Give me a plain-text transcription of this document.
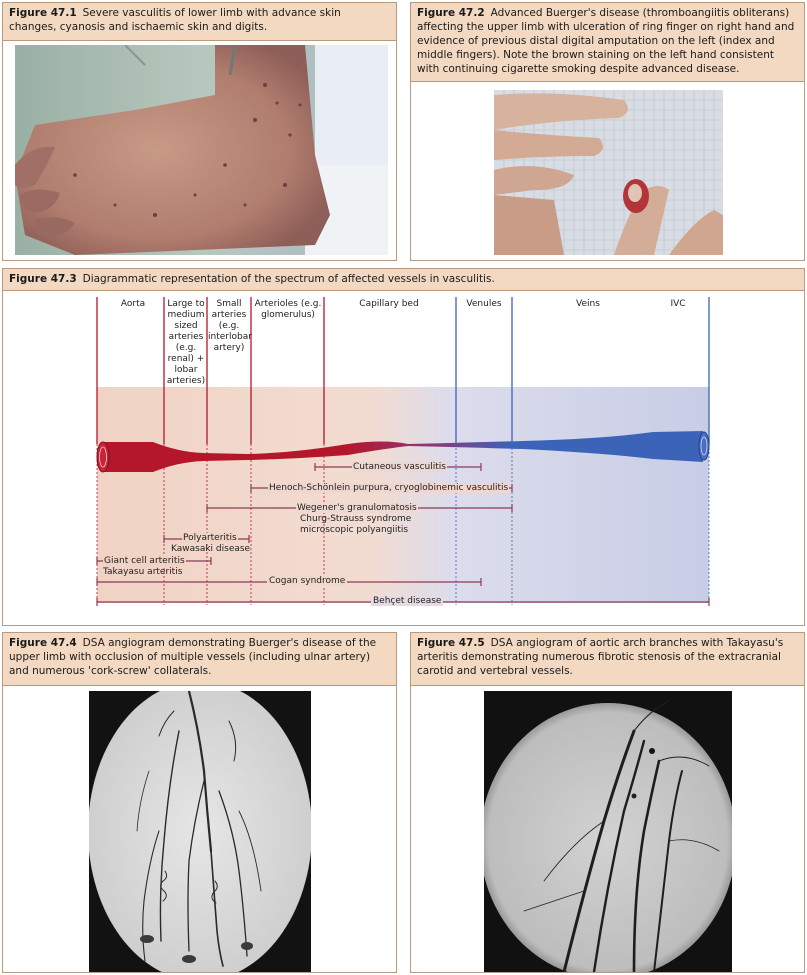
Figure 47.1 Severe vasculitis of lower limb with advance skin changes, cyanosis and ischaemic skin and digits.
Figure 47.2 Advanced Buerger's disease (thromboangiitis obliterans) affecting the upper limb with ulceration of ring finger on right hand and evidence of previous distal digital amputation on the left (index and middle fingers). Note the brown staining on the left hand consistent with continuing cigarette smoking despite advanced disease.
Figure 47.3 Diagrammatic representation of the spectrum of affected vessels in vasculitis.
Aorta	Large to medium sized arteries (e.g. renal) + lobar arteries)
Small arteries (e.g. interlobar artery)
Arterioles (e.g. glomerulus)
Capillary bed	Venules	Veins	IVC
Cutaneous vasculitis
Henoch-Schönlein purpura, cryoglobinemic vasculitis
Wegener's granulomatosis
Churg-Strauss syndrome
microscopic polyangiitis
Polyarteritis
Kawasaki disease
Giant cell arteritis
Takayasu arteritis
Cogan syndrome
Behçet disease
Figure 47.4 DSA angiogram demonstrating Buerger's disease of the upper limb with occlusion of multiple vessels (including ulnar artery) and numerous 'cork-screw' collaterals.
Figure 47.5 DSA angiogram of aortic arch branches with Takayasu's arteritis demonstrating numerous fibrotic stenosis of the extracranial carotid and vertebral vessels.
